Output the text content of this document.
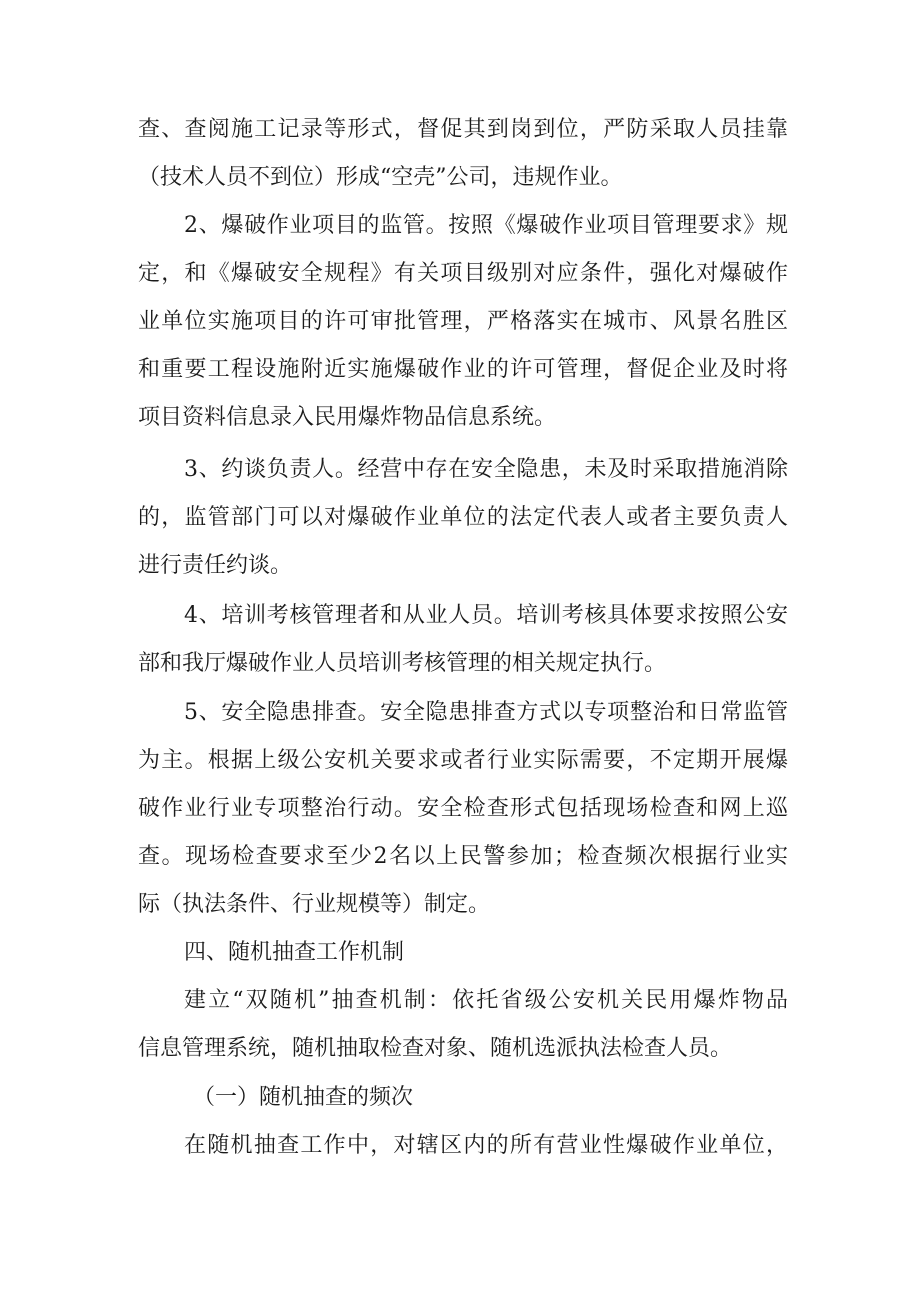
查、查阅施工记录等形式，督促其到岗到位，严防采取人员挂靠
（技术人员不到位）形成“空壳”公司，违规作业。
2、爆破作业项目的监管。按照《爆破作业项目管理要求》规
定，和《爆破安全规程》有关项目级别对应条件，强化对爆破作
业单位实施项目的许可审批管理，严格落实在城市、风景名胜区
和重要工程设施附近实施爆破作业的许可管理，督促企业及时将
项目资料信息录入民用爆炸物品信息系统。
3、约谈负责人。经营中存在安全隐患，未及时采取措施消除
的，监管部门可以对爆破作业单位的法定代表人或者主要负责人
进行责任约谈。
4、培训考核管理者和从业人员。培训考核具体要求按照公安
部和我厅爆破作业人员培训考核管理的相关规定执行。
5、安全隐患排查。安全隐患排查方式以专项整治和日常监管
为主。根据上级公安机关要求或者行业实际需要，不定期开展爆
破作业行业专项整治行动。安全检查形式包括现场检查和网上巡
查。现场检查要求至少2名以上民警参加；检查频次根据行业实
际（执法条件、行业规模等）制定。
四、随机抽查工作机制
建立“双随机”抽查机制：依托省级公安机关民用爆炸物品
信息管理系统，随机抽取检查对象、随机选派执法检查人员。
（一）随机抽查的频次
在随机抽查工作中，对辖区内的所有营业性爆破作业单位，
